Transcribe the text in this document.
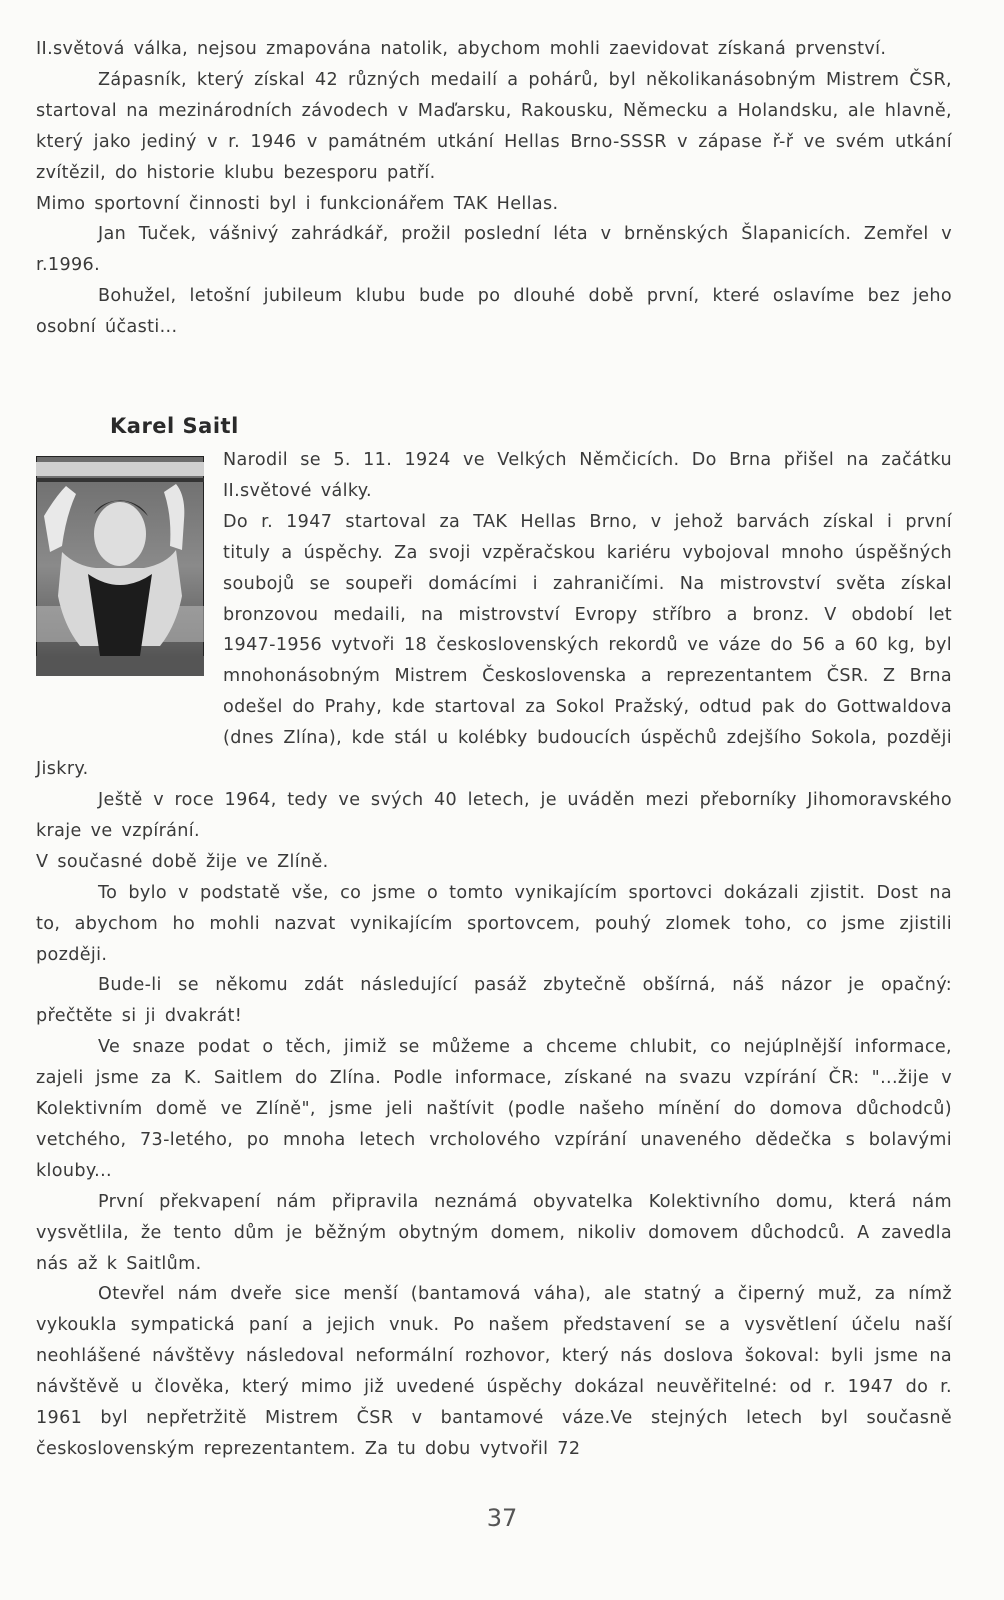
II.světová válka, nejsou zmapována natolik, abychom mohli zaevidovat získaná prvenství.

Zápasník, který získal 42 různých medailí a pohárů, byl několikanásobným Mistrem ČSR, startoval na mezinárodních závodech v Maďarsku, Rakousku, Německu a Holandsku, ale hlavně, který jako jediný v r. 1946 v památném utkání Hellas Brno-SSSR v zápase ř-ř ve svém utkání zvítězil, do historie klubu bezesporu patří.

Mimo sportovní činnosti byl i funkcionářem TAK Hellas.

Jan Tuček, vášnivý zahrádkář, prožil poslední léta v brněnských Šlapanicích. Zemřel v r.1996.

Bohužel, letošní jubileum klubu bude po dlouhé době první, které oslavíme bez jeho osobní účasti...

Karel Saitl

Narodil se 5. 11. 1924 ve Velkých Němčicích. Do Brna přišel na začátku II.světové války.

Do r. 1947 startoval za TAK Hellas Brno, v jehož barvách získal i první tituly a úspěchy. Za svoji vzpěračskou kariéru vybojoval mnoho úspěšných soubojů se soupeři domácími i zahraničími. Na mistrovství světa získal bronzovou medaili, na mistrovství Evropy stříbro a bronz. V období let 1947-1956 vytvoři 18 československých rekordů ve váze do 56 a 60 kg, byl mnohonásobným Mistrem Československa a reprezentantem ČSR. Z Brna odešel do Prahy, kde startoval za Sokol Pražský, odtud pak do Gottwaldova (dnes Zlína), kde stál u kolébky budoucích úspěchů zdejšího Sokola, později Jiskry.

Ještě v roce 1964, tedy ve svých 40 letech, je uváděn mezi přeborníky Jihomoravského kraje ve vzpírání.

V současné době žije ve Zlíně.

To bylo v podstatě vše, co jsme o tomto vynikajícím sportovci dokázali zjistit. Dost na to, abychom ho mohli nazvat vynikajícím sportovcem, pouhý zlomek toho, co jsme zjistili později.

Bude-li se někomu zdát následující pasáž zbytečně obšírná, náš názor je opačný: přečtěte si ji dvakrát!

Ve snaze podat o těch, jimiž se můžeme a chceme chlubit, co nejúplnější informace, zajeli jsme za K. Saitlem do Zlína. Podle informace, získané na svazu vzpírání ČR: "...žije v Kolektivním domě ve Zlíně", jsme jeli naštívit (podle našeho mínění do domova důchodců) vetchého, 73-letého, po mnoha letech vrcholového vzpírání unaveného dědečka s bolavými klouby...

První překvapení nám připravila neznámá obyvatelka Kolektivního domu, která nám vysvětlila, že tento dům je běžným obytným domem, nikoliv domovem důchodců. A zavedla nás až k Saitlům.

Otevřel nám dveře sice menší (bantamová váha), ale statný a čiperný muž, za nímž vykoukla sympatická paní a jejich vnuk. Po našem představení se a vysvětlení účelu naší neohlášené návštěvy následoval neformální rozhovor, který nás doslova šokoval: byli jsme na návštěvě u člověka, který mimo již uvedené úspěchy dokázal neuvěřitelné: od r. 1947 do r. 1961 byl nepřetržitě Mistrem ČSR v bantamové váze.Ve stejných letech byl současně československým reprezentantem. Za tu dobu vytvořil 72

37
